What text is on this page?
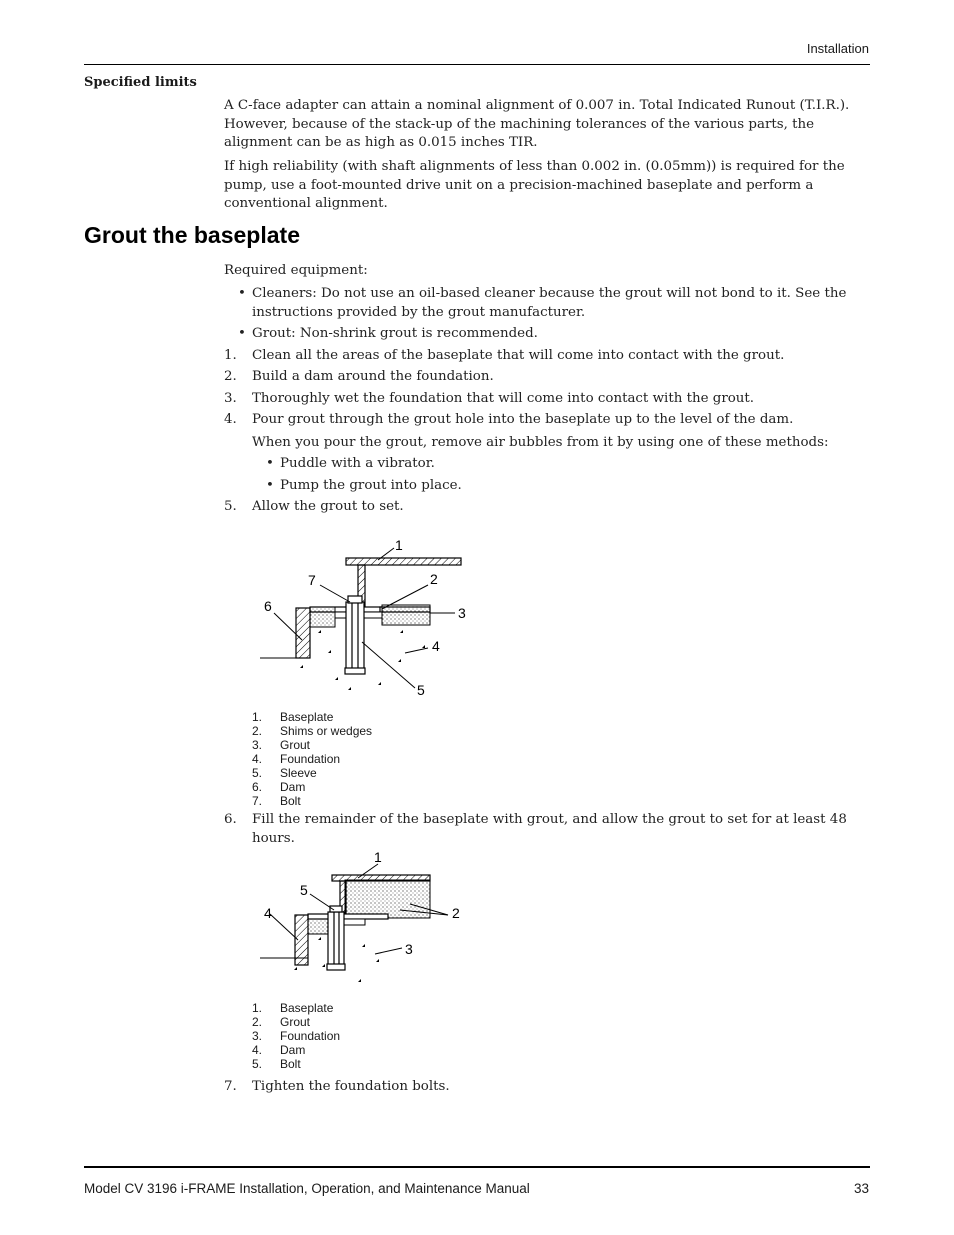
Installation
Specified limits
A C-face adapter can attain a nominal alignment of 0.007 in. Total Indicated Runout (T.I.R.). However, because of the stack-up of the machining tolerances of the various parts, the alignment can be as high as 0.015 inches TIR.
If high reliability (with shaft alignments of less than 0.002 in. (0.05mm)) is required for the pump, use a foot-mounted drive unit on a precision-machined baseplate and perform a conventional alignment.
Grout the baseplate
Required equipment:
• Cleaners: Do not use an oil-based cleaner because the grout will not bond to it. See the instructions provided by the grout manufacturer.
• Grout: Non-shrink grout is recommended.
1. Clean all the areas of the baseplate that will come into contact with the grout.
2. Build a dam around the foundation.
3. Thoroughly wet the foundation that will come into contact with the grout.
4. Pour grout through the grout hole into the baseplate up to the level of the dam.
When you pour the grout, remove air bubbles from it by using one of these methods:
• Puddle with a vibrator.
• Pump the grout into place.
5. Allow the grout to set.
1
2
3
4
5
6
7
1. Baseplate
2. Shims or wedges
3. Grout
4. Foundation
5. Sleeve
6. Dam
7. Bolt
6. Fill the remainder of the baseplate with grout, and allow the grout to set for at least 48 hours.
1
2
3
4
5
1. Baseplate
2. Grout
3. Foundation
4. Dam
5. Bolt
7. Tighten the foundation bolts.
Model CV 3196 i-FRAME Installation, Operation, and Maintenance Manual	33
